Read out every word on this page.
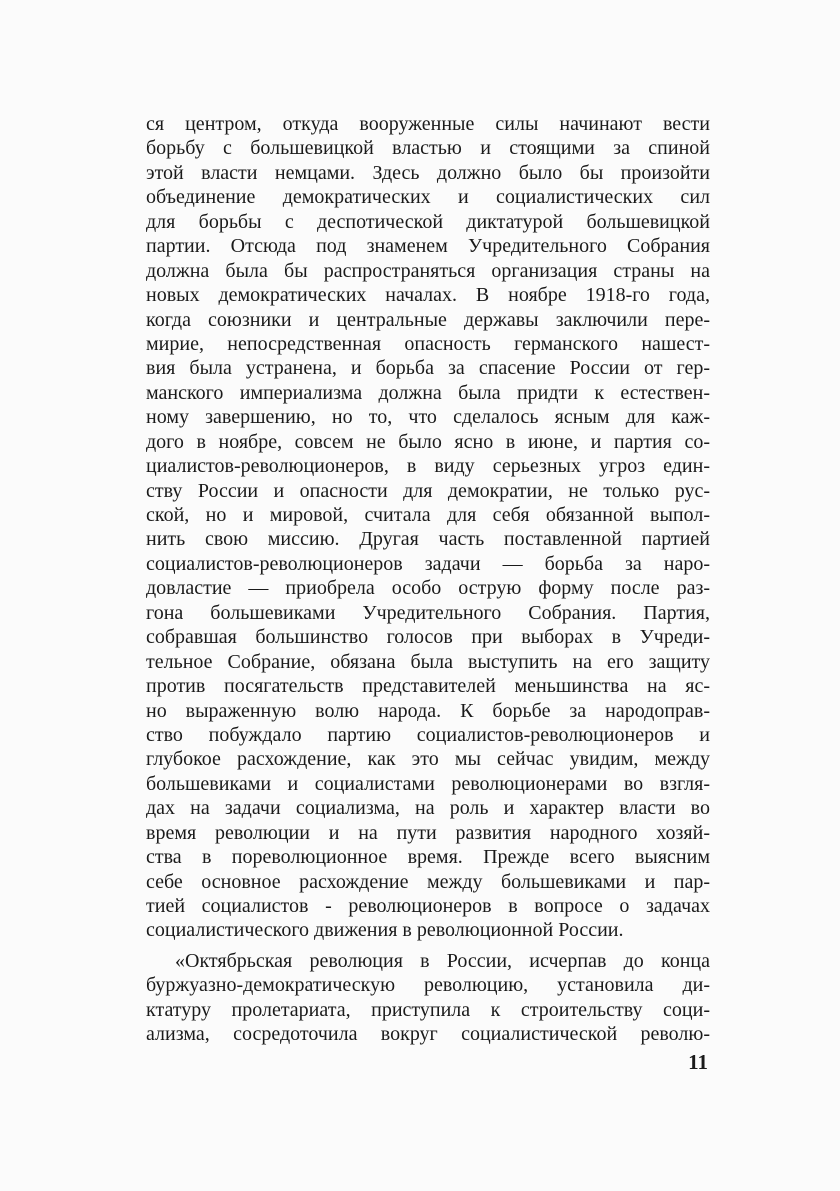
ся центром, откуда вооруженные силы начинают вести
борьбу с большевицкой властью и стоящими за спиной
этой власти немцами. Здесь должно было бы произойти
объединение демократических и социалистических сил
для борьбы с деспотической диктатурой большевицкой
партии. Отсюда под знаменем Учредительного Собрания
должна была бы распространяться организация страны на
новых демократических началах. В ноябре 1918-го года,
когда союзники и центральные державы заключили пере-
мирие, непосредственная опасность германского нашест-
вия была устранена, и борьба за спасение России от гер-
манского империализма должна была придти к естествен-
ному завершению, но то, что сделалось ясным для каж-
дого в ноябре, совсем не было ясно в июне, и партия со-
циалистов-революционеров, в виду серьезных угроз един-
ству России и опасности для демократии, не только рус-
ской, но и мировой, считала для себя обязанной выпол-
нить свою миссию. Другая часть поставленной партией
социалистов-революционеров задачи — борьба за наро-
довластие — приобрела особо острую форму после раз-
гона большевиками Учредительного Собрания. Партия,
собравшая большинство голосов при выборах в Учреди-
тельное Собрание, обязана была выступить на его защиту
против посягательств представителей меньшинства на яс-
но выраженную волю народа. К борьбе за народоправ-
ство побуждало партию социалистов-революционеров и
глубокое расхождение, как это мы сейчас увидим, между
большевиками и социалистами революционерами во взгля-
дах на задачи социализма, на роль и характер власти во
время революции и на пути развития народного хозяй-
ства в пореволюционное время. Прежде всего выясним
себе основное расхождение между большевиками и пар-
тией социалистов - революционеров в вопросе о задачах
социалистического движения в революционной России.
«Октябрьская революция в России, исчерпав до конца
буржуазно-демократическую революцию, установила ди-
ктатуру пролетариата, приступила к строительству соци-
ализма, сосредоточила вокруг социалистической револю-
11
